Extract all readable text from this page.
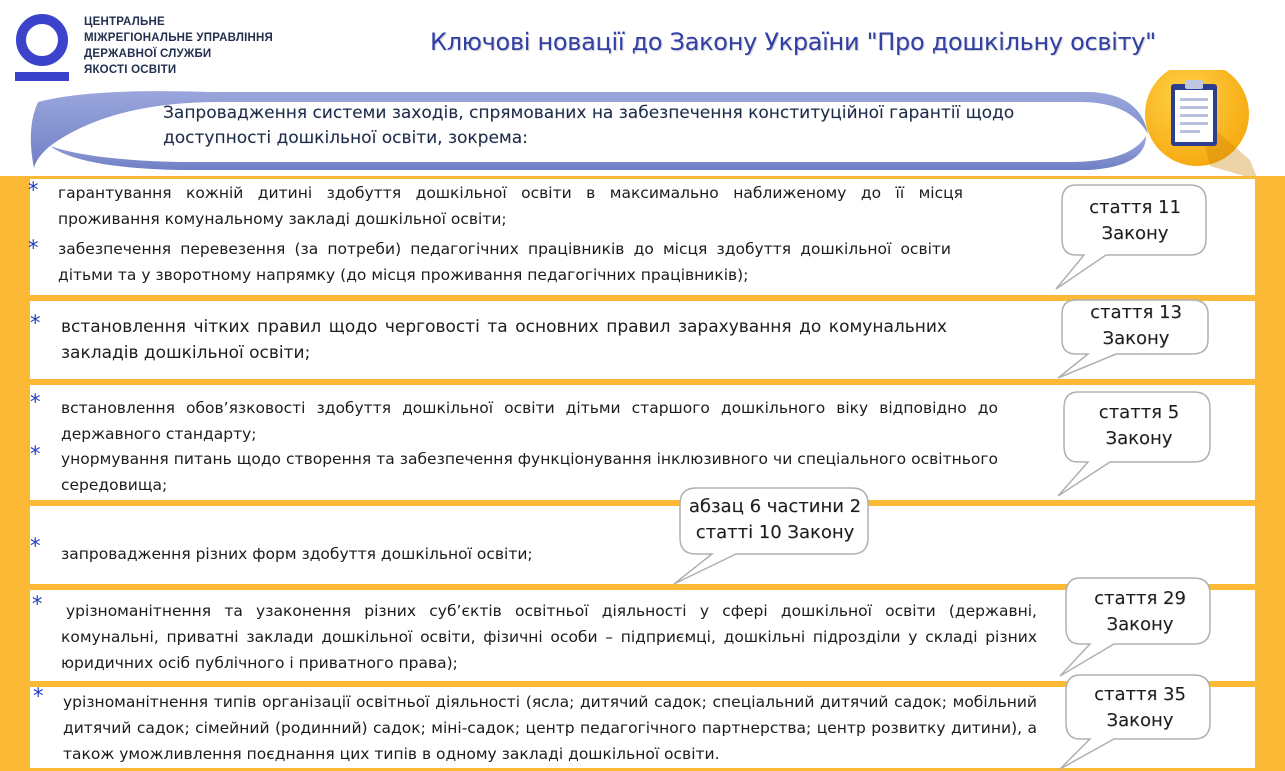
ЦЕНТРАЛЬНЕ
МІЖРЕГІОНАЛЬНЕ УПРАВЛІННЯ
ДЕРЖАВНОЇ СЛУЖБИ
ЯКОСТІ ОСВІТИ
Ключові новації до Закону України "Про дошкільну освіту"
Запровадження системи заходів, спрямованих на забезпечення конституційної гарантії щодо
доступності дошкільної освіти, зокрема:
* гарантування кожній дитині здобуття дошкільної освіти в максимально наближеному до її місця проживання комунальному закладі дошкільної освіти;
* забезпечення перевезення (за потреби) педагогічних працівників до місця здобуття дошкільної освіти дітьми та у зворотному напрямку (до місця проживання педагогічних працівників);
* встановлення чітких правил щодо черговості та основних правил зарахування до комунальних закладів дошкільної освіти;
* встановлення обов’язковості здобуття дошкільної освіти дітьми старшого дошкільного віку відповідно до державного стандарту;
* унормування питань щодо створення та забезпечення функціонування інклюзивного чи спеціального освітнього середовища;
* запровадження різних форм здобуття дошкільної освіти;
*	урізноманітнення та узаконення різних суб’єктів освітньої діяльності у сфері дошкільної освіти (державні, комунальні, приватні заклади дошкільної освіти, фізичні особи – підприємці, дошкільні підрозділи у складі різних юридичних осіб публічного і приватного права);
* урізноманітнення типів організації освітньої діяльності (ясла; дитячий садок; спеціальний дитячий садок; мобільний дитячий садок; сімейний (родинний) садок; міні-садок; центр педагогічного партнерства; центр розвитку дитини), а також уможливлення поєднання цих типів в одному закладі дошкільної освіти.
стаття 11
Закону
стаття 13
Закону
стаття 5
Закону
абзац 6 частини 2
статті 10 Закону
стаття 29
Закону
стаття 35
Закону
